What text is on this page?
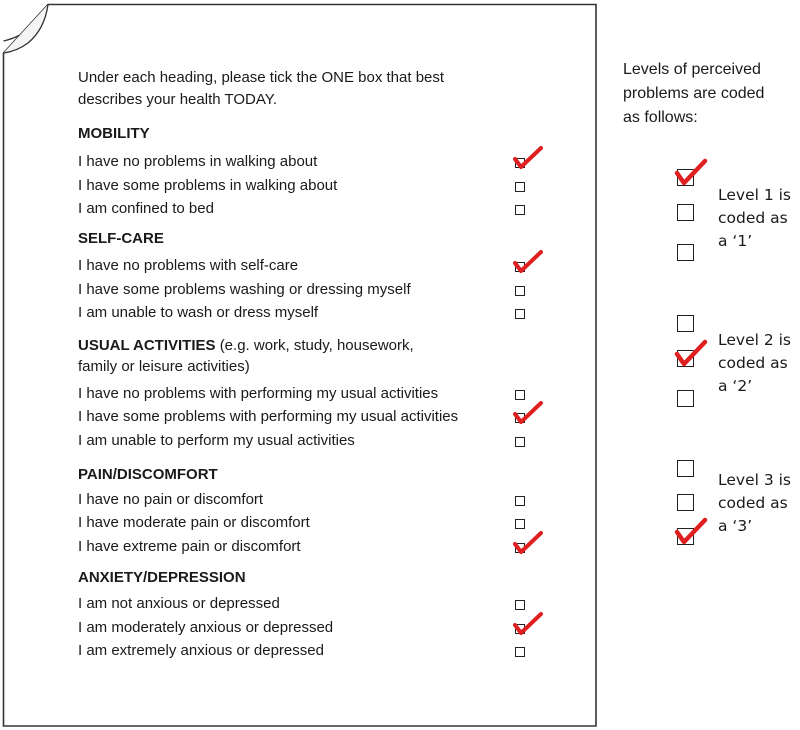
Under each heading, please tick the ONE box that best
describes your health TODAY.
MOBILITY
I have no problems in walking about
I have some problems in walking about
I am confined to bed
SELF-CARE
I have no problems with self-care
I have some problems washing or dressing myself
I am unable to wash or dress myself
USUAL ACTIVITIES (e.g. work, study, housework,
family or leisure activities)
I have no problems with performing my usual activities
I have some problems with performing my usual activities
I am unable to perform my usual activities
PAIN/DISCOMFORT
I have no pain or discomfort
I have moderate pain or discomfort
I have extreme pain or discomfort
ANXIETY/DEPRESSION
I am not anxious or depressed
I am moderately anxious or depressed
I am extremely anxious or depressed
Levels of perceived
problems are coded
as follows:
Level 1 is
coded as
a ‘1’
Level 2 is
coded as
a ‘2’
Level 3 is
coded as
a ‘3’
